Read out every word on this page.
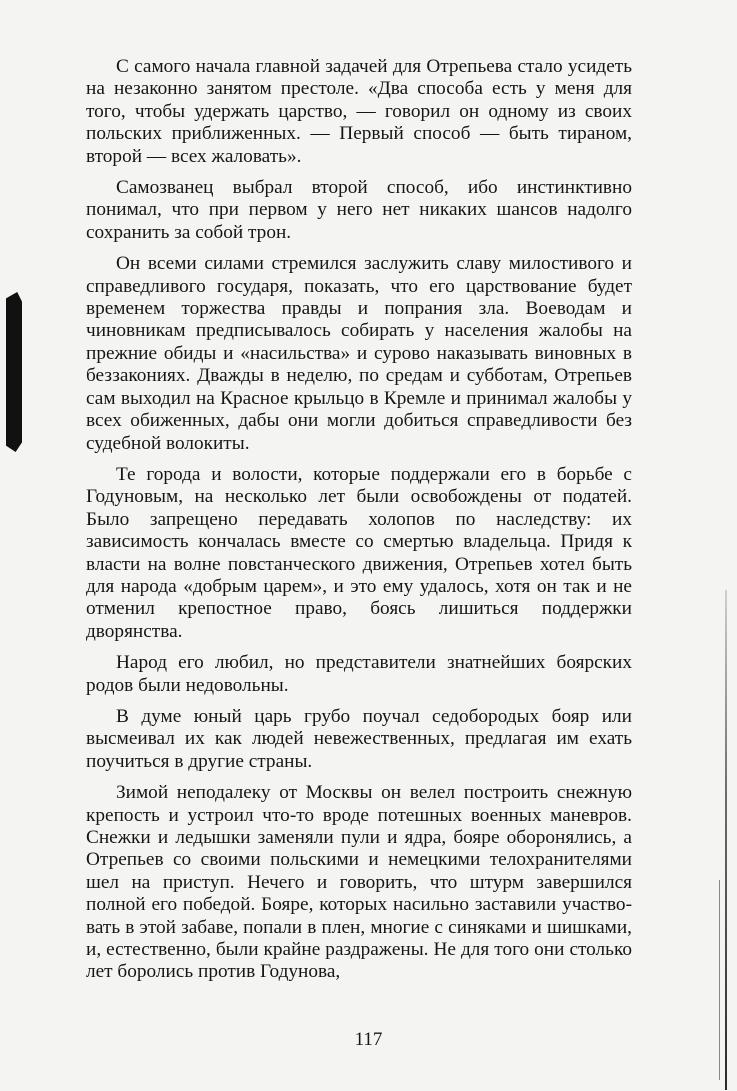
С самого начала главной задачей для Отрепьева стало усидеть на незаконно занятом престоле. «Два способа есть у меня для того, чтобы удержать царство, — говорил он одному из своих польских приближенных. — Первый способ — быть тираном, второй — всех жаловать».

Самозванец выбрал второй способ, ибо инстинктивно понимал, что при первом у него нет никаких шансов надолго сохранить за собой трон.

Он всеми силами стремился заслужить славу милостивого и справедливого государя, показать, что его царствование будет временем торжества правды и попрания зла. Воеводам и чиновникам предписывалось собирать у населения жалобы на прежние обиды и «насильства» и сурово наказывать виновных в беззакониях. Дважды в неделю, по средам и субботам, Отрепьев сам выходил на Красное крыльцо в Кремле и принимал жалобы у всех обиженных, дабы они могли добиться справедливости без судебной волокиты.

Те города и волости, которые поддержали его в борьбе с Годуновым, на несколько лет были освобождены от податей. Было запрещено передавать холопов по наследству: их зависимость кончалась вместе со смертью владельца. Придя к власти на волне повстанческого движения, Отрепьев хотел быть для народа «добрым царем», и это ему удалось, хотя он так и не отменил крепостное право, боясь лишиться поддержки дворянства.

Народ его любил, но представители знатнейших боярских родов были недовольны.

В думе юный царь грубо поучал седобородых бояр или высмеивал их как людей невежественных, предлагая им ехать поучиться в другие страны.

Зимой неподалеку от Москвы он велел построить снежную крепость и устроил что-то вроде потешных военных маневров. Снежки и ледышки заменяли пули и ядра, бояре оборонялись, а Отрепьев со своими польскими и немецкими телохранителями шел на приступ. Нечего и говорить, что штурм завершился полной его победой. Бояре, которых насильно заставили участвовать в этой забаве, попали в плен, многие с синяками и шишками, и, естественно, были крайне раздражены. Не для того они столько лет боролись против Годунова,

117
